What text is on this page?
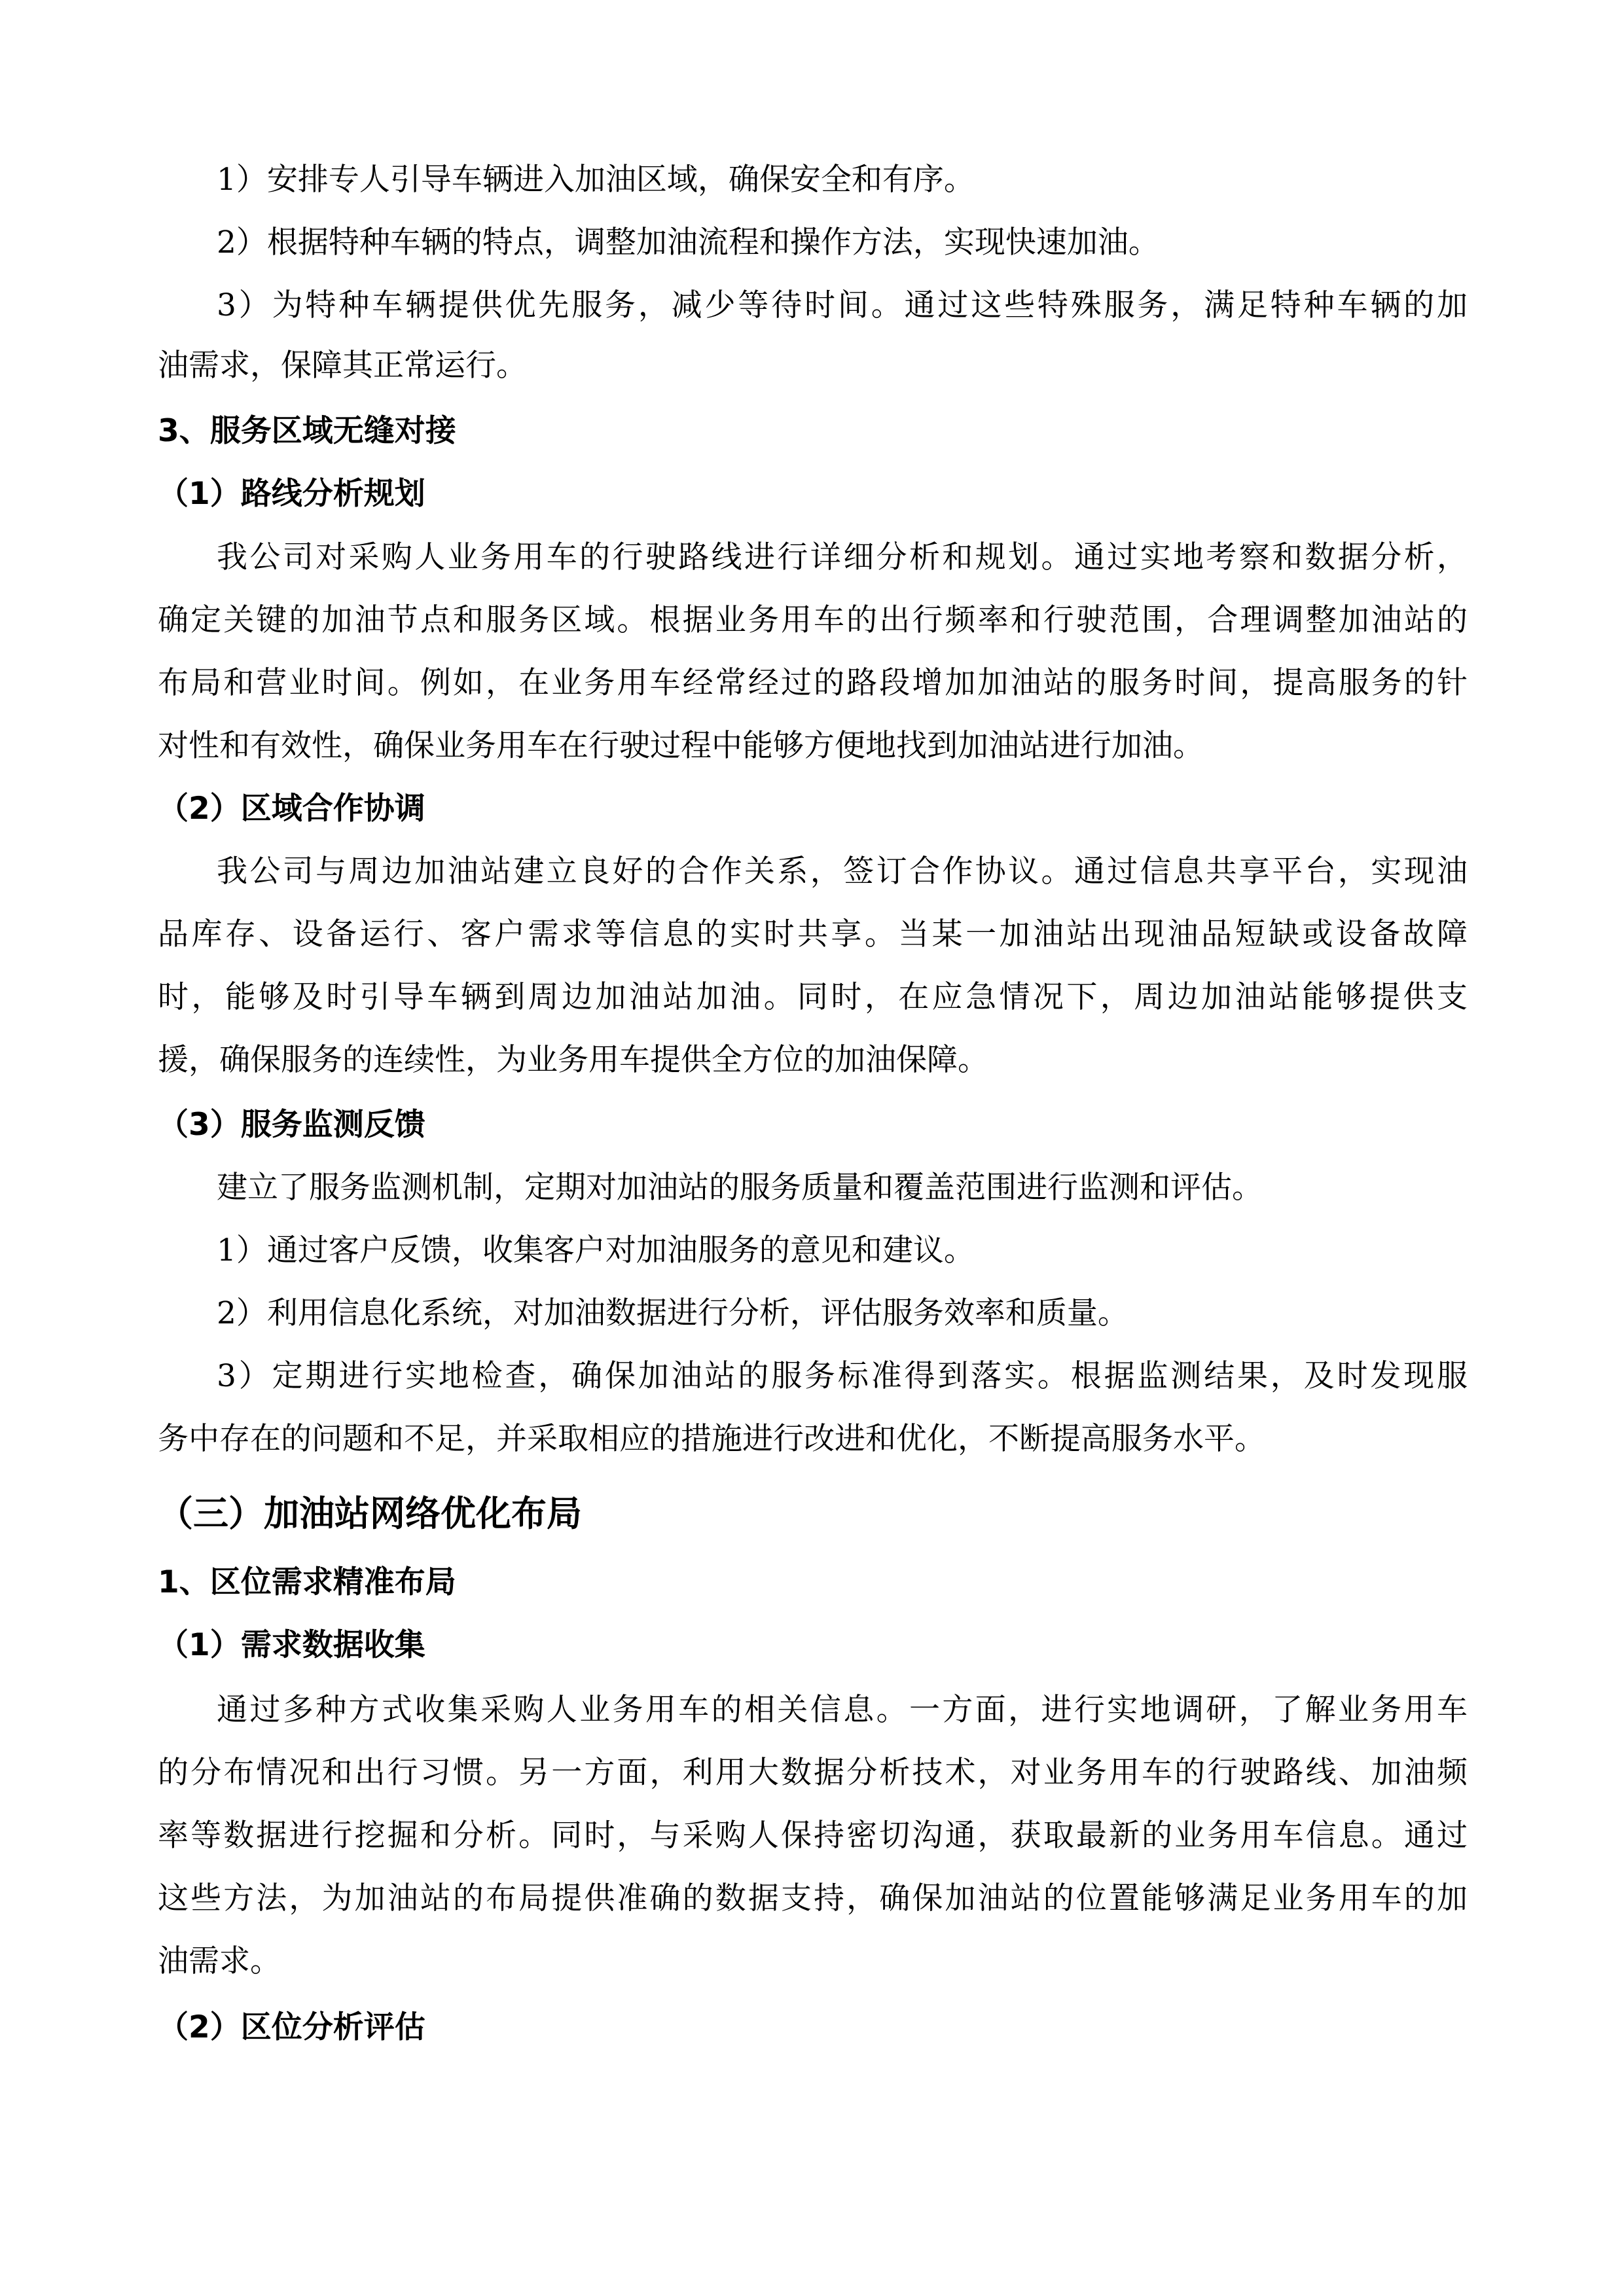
1）安排专人引导车辆进入加油区域，确保安全和有序。
2）根据特种车辆的特点，调整加油流程和操作方法，实现快速加油。
3）为特种车辆提供优先服务，减少等待时间。通过这些特殊服务，满足特种车辆的加
油需求，保障其正常运行。
3、服务区域无缝对接
（1）路线分析规划
我公司对采购人业务用车的行驶路线进行详细分析和规划。通过实地考察和数据分析，
确定关键的加油节点和服务区域。根据业务用车的出行频率和行驶范围，合理调整加油站的
布局和营业时间。例如，在业务用车经常经过的路段增加加油站的服务时间，提高服务的针
对性和有效性，确保业务用车在行驶过程中能够方便地找到加油站进行加油。
（2）区域合作协调
我公司与周边加油站建立良好的合作关系，签订合作协议。通过信息共享平台，实现油
品库存、设备运行、客户需求等信息的实时共享。当某一加油站出现油品短缺或设备故障
时，能够及时引导车辆到周边加油站加油。同时，在应急情况下，周边加油站能够提供支
援，确保服务的连续性，为业务用车提供全方位的加油保障。
（3）服务监测反馈
建立了服务监测机制，定期对加油站的服务质量和覆盖范围进行监测和评估。
1）通过客户反馈，收集客户对加油服务的意见和建议。
2）利用信息化系统，对加油数据进行分析，评估服务效率和质量。
3）定期进行实地检查，确保加油站的服务标准得到落实。根据监测结果，及时发现服
务中存在的问题和不足，并采取相应的措施进行改进和优化，不断提高服务水平。
（三）加油站网络优化布局
1、区位需求精准布局
（1）需求数据收集
通过多种方式收集采购人业务用车的相关信息。一方面，进行实地调研，了解业务用车
的分布情况和出行习惯。另一方面，利用大数据分析技术，对业务用车的行驶路线、加油频
率等数据进行挖掘和分析。同时，与采购人保持密切沟通，获取最新的业务用车信息。通过
这些方法，为加油站的布局提供准确的数据支持，确保加油站的位置能够满足业务用车的加
油需求。
（2）区位分析评估
